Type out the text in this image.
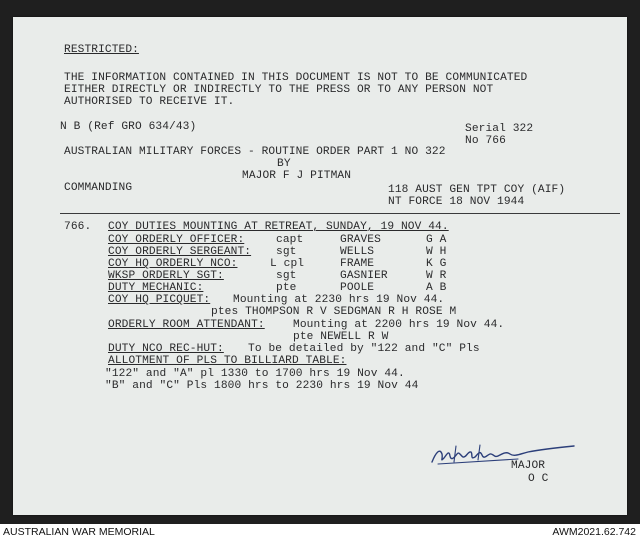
RESTRICTED:
THE INFORMATION CONTAINED IN THIS DOCUMENT IS NOT TO BE COMMUNICATED
EITHER DIRECTLY OR INDIRECTLY TO THE PRESS OR TO ANY PERSON NOT
AUTHORISED TO RECEIVE IT.
N B (Ref GRO 634/43)	Serial 322
No 766
AUSTRALIAN MILITARY FORCES - ROUTINE ORDER PART 1 NO 322
BY
MAJOR F J PITMAN
COMMANDING	118 AUST GEN TPT COY (AIF)
NT FORCE 18 NOV 1944
766. COY DUTIES MOUNTING AT RETREAT, SUNDAY, 19 NOV 44.
COY ORDERLY OFFICER:	capt	GRAVES	G A
COY ORDERLY SERGEANT: sgt	WELLS	W H
COY HQ ORDERLY NCO:	L cpl	FRAME	K G
WKSP ORDERLY SGT:	sgt	GASNIER	W R
DUTY MECHANIC:	pte	POOLE	A B
COY HQ PICQUET: Mounting at 2230 hrs 19 Nov 44.
ptes THOMPSON R V SEDGMAN R H ROSE M
ORDERLY ROOM ATTENDANT:	Mounting at 2200 hrs 19 Nov 44.
pte NEWELL R W
DUTY NCO REC-HUT: To be detailed by "122 and "C" Pls
ALLOTMENT OF PLS TO BILLIARD TABLE:
"122" and "A" pl 1330 to 1700 hrs 19 Nov 44.
"B" and "C" Pls 1800 hrs to 2230 hrs 19 Nov 44
MAJOR
O C
AUSTRALIAN WAR MEMORIAL	AWM2021.62.742
